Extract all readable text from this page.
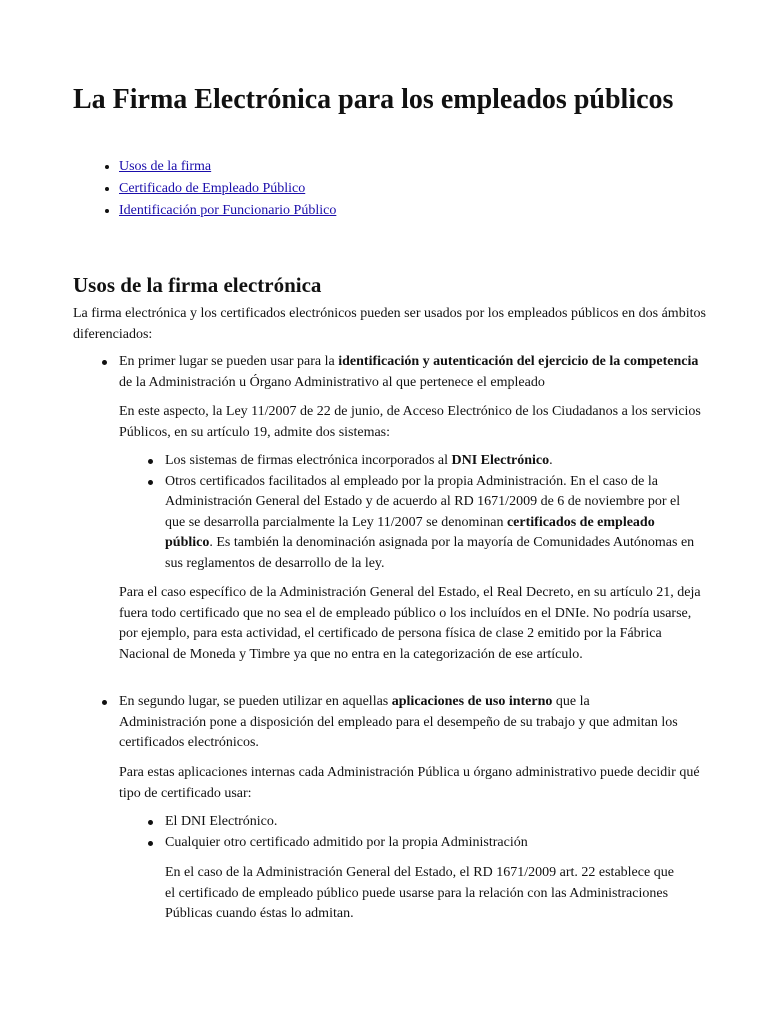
La Firma Electrónica para los empleados públicos
• Usos de la firma
• Certificado de Empleado Público
• Identificación por Funcionario Público
Usos de la firma electrónica

La firma electrónica y los certificados electrónicos pueden ser usados por los empleados públicos en dos ámbitos diferenciados:

En primer lugar se pueden usar para la identificación y autenticación del ejercicio de la competencia de la Administración u Órgano Administrativo al que pertenece el empleado

En este aspecto, la Ley 11/2007 de 22 de junio, de Acceso Electrónico de los Ciudadanos a los servicios Públicos, en su artículo 19, admite dos sistemas:

Los sistemas de firmas electrónica incorporados al DNI Electrónico.
Otros certificados facilitados al empleado por la propia Administración. En el caso de la Administración General del Estado y de acuerdo al RD 1671/2009 de 6 de noviembre por el que se desarrolla parcialmente la Ley 11/2007 se denominan certificados de empleado público. Es también la denominación asignada por la mayoría de Comunidades Autónomas en sus reglamentos de desarrollo de la ley.

Para el caso específico de la Administración General del Estado, el Real Decreto, en su artículo 21, deja fuera todo certificado que no sea el de empleado público o los incluídos en el DNIe. No podría usarse, por ejemplo, para esta actividad, el certificado de persona física de clase 2 emitido por la Fábrica Nacional de Moneda y Timbre ya que no entra en la categorización de ese artículo.

En segundo lugar, se pueden utilizar en aquellas aplicaciones de uso interno que la Administración pone a disposición del empleado para el desempeño de su trabajo y que admitan los certificados electrónicos.

Para estas aplicaciones internas cada Administración Pública u órgano administrativo puede decidir qué tipo de certificado usar:

El DNI Electrónico.
Cualquier otro certificado admitido por la propia Administración

En el caso de la Administración General del Estado, el RD 1671/2009 art. 22 establece que el certificado de empleado público puede usarse para la relación con las Administraciones Públicas cuando éstas lo admitan.
